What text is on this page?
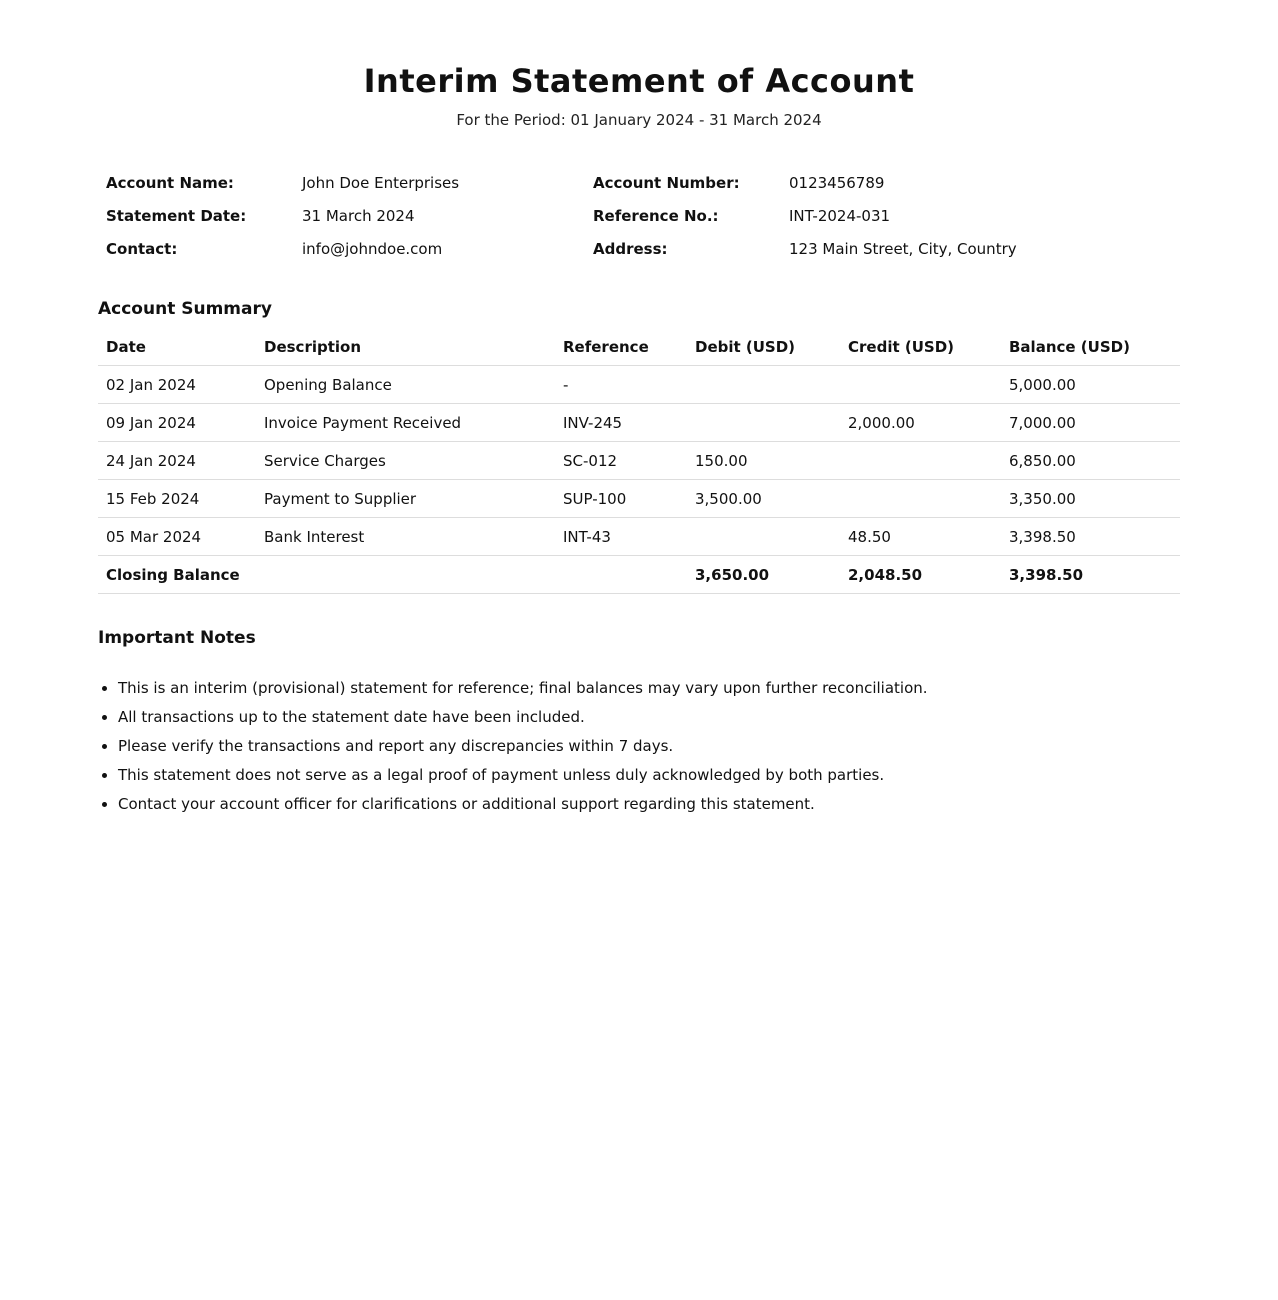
Interim Statement of Account
For the Period: 01 January 2024 - 31 March 2024
Account Name:	John Doe Enterprises	Account Number:	0123456789
Statement Date:	31 March 2024	Reference No.:	INT-2024-031
Contact:	info@johndoe.com	Address:	123 Main Street, City, Country
Account Summary
Date	Description	Reference	Debit (USD)	Credit (USD)	Balance (USD)
02 Jan 2024	Opening Balance	-			5,000.00
09 Jan 2024	Invoice Payment Received	INV-245		2,000.00	7,000.00
24 Jan 2024	Service Charges	SC-012	150.00		6,850.00
15 Feb 2024	Payment to Supplier	SUP-100	3,500.00		3,350.00
05 Mar 2024	Bank Interest	INT-43		48.50	3,398.50
Closing Balance			3,650.00	2,048.50	3,398.50
Important Notes
• This is an interim (provisional) statement for reference; final balances may vary upon further reconciliation.
• All transactions up to the statement date have been included.
• Please verify the transactions and report any discrepancies within 7 days.
• This statement does not serve as a legal proof of payment unless duly acknowledged by both parties.
• Contact your account officer for clarifications or additional support regarding this statement.
